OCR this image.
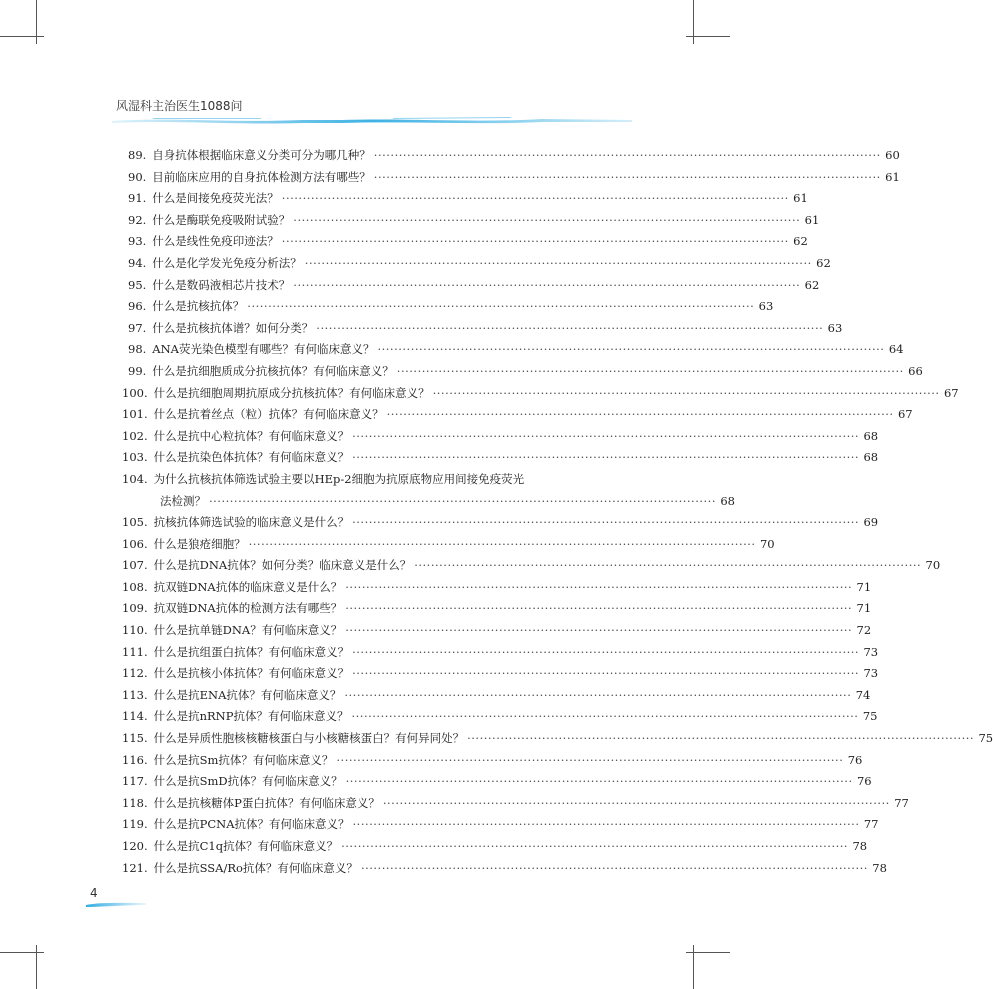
风湿科主治医生1088问
89. 自身抗体根据临床意义分类可分为哪几种？ ·························································································································· 60
90. 目前临床应用的自身抗体检测方法有哪些？ ·························································································································· 61
91. 什么是间接免疫荧光法？ ·························································································································· 61
92. 什么是酶联免疫吸附试验？ ·························································································································· 61
93. 什么是线性免疫印迹法？ ·························································································································· 62
94. 什么是化学发光免疫分析法？ ·························································································································· 62
95. 什么是数码液相芯片技术？ ·························································································································· 62
96. 什么是抗核抗体？ ·························································································································· 63
97. 什么是抗核抗体谱？如何分类？ ·························································································································· 63
98. ANA荧光染色模型有哪些？有何临床意义？ ·························································································································· 64
99. 什么是抗细胞质成分抗核抗体？有何临床意义？ ·························································································································· 66
100. 什么是抗细胞周期抗原成分抗核抗体？有何临床意义？ ·························································································································· 67
101. 什么是抗着丝点（粒）抗体？有何临床意义？ ·························································································································· 67
102. 什么是抗中心粒抗体？有何临床意义？ ·························································································································· 68
103. 什么是抗染色体抗体？有何临床意义？ ·························································································································· 68
104. 为什么抗核抗体筛选试验主要以HEp-2细胞为抗原底物应用间接免疫荧光
法检测？ ·························································································································· 68
105. 抗核抗体筛选试验的临床意义是什么？ ·························································································································· 69
106. 什么是狼疮细胞？ ·························································································································· 70
107. 什么是抗DNA抗体？如何分类？临床意义是什么？ ·························································································································· 70
108. 抗双链DNA抗体的临床意义是什么？ ·························································································································· 71
109. 抗双链DNA抗体的检测方法有哪些？ ·························································································································· 71
110. 什么是抗单链DNA？有何临床意义？ ·························································································································· 72
111. 什么是抗组蛋白抗体？有何临床意义？ ·························································································································· 73
112. 什么是抗核小体抗体？有何临床意义？ ·························································································································· 73
113. 什么是抗ENA抗体？有何临床意义？ ·························································································································· 74
114. 什么是抗nRNP抗体？有何临床意义？ ·························································································································· 75
115. 什么是异质性胞核核糖核蛋白与小核糖核蛋白？有何异同处？ ·························································································································· 75
116. 什么是抗Sm抗体？有何临床意义？ ·························································································································· 76
117. 什么是抗SmD抗体？有何临床意义？ ·························································································································· 76
118. 什么是抗核糖体P蛋白抗体？有何临床意义？ ·························································································································· 77
119. 什么是抗PCNA抗体？有何临床意义？ ·························································································································· 77
120. 什么是抗C1q抗体？有何临床意义？ ·························································································································· 78
121. 什么是抗SSA/Ro抗体？有何临床意义？ ·························································································································· 78
4
